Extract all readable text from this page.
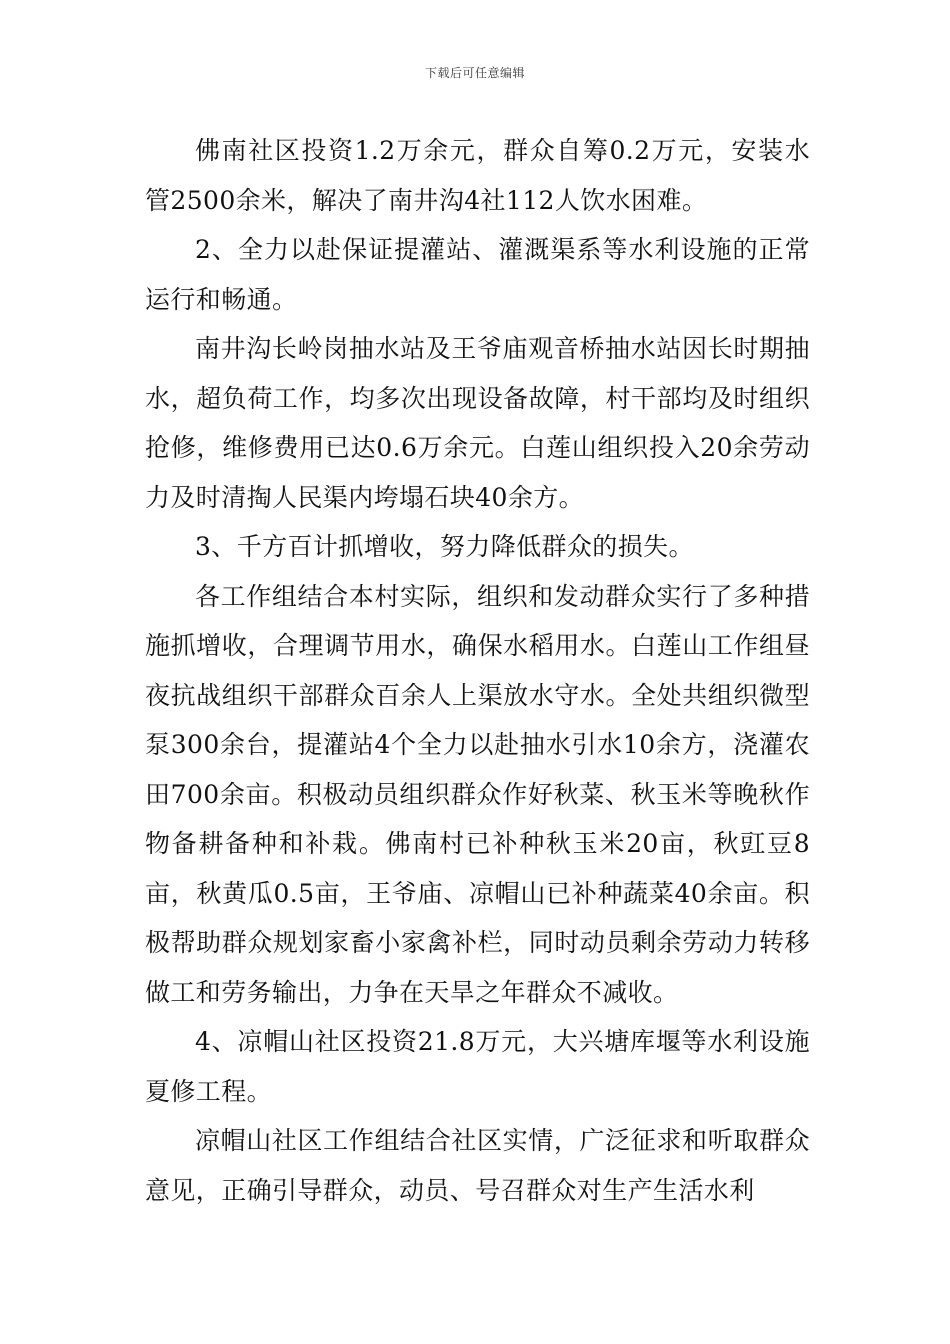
下载后可任意编辑

佛南社区投资1.2万余元，群众自筹0.2万元，安装水管2500余米，解决了南井沟4社112人饮水困难。

2、全力以赴保证提灌站、灌溉渠系等水利设施的正常运行和畅通。

南井沟长岭岗抽水站及王爷庙观音桥抽水站因长时期抽水，超负荷工作，均多次出现设备故障，村干部均及时组织抢修，维修费用已达0.6万余元。白莲山组织投入20余劳动力及时清掏人民渠内垮塌石块40余方。

3、千方百计抓增收，努力降低群众的损失。

各工作组结合本村实际，组织和发动群众实行了多种措施抓增收，合理调节用水，确保水稻用水。白莲山工作组昼夜抗战组织干部群众百余人上渠放水守水。全处共组织微型泵300余台，提灌站4个全力以赴抽水引水10余方，浇灌农田700余亩。积极动员组织群众作好秋菜、秋玉米等晚秋作物备耕备种和补栽。佛南村已补种秋玉米20亩，秋豇豆8亩，秋黄瓜0.5亩，王爷庙、凉帽山已补种蔬菜40余亩。积极帮助群众规划家畜小家禽补栏，同时动员剩余劳动力转移做工和劳务输出，力争在天旱之年群众不减收。

4、凉帽山社区投资21.8万元，大兴塘库堰等水利设施夏修工程。

凉帽山社区工作组结合社区实情，广泛征求和听取群众意见，正确引导群众，动员、号召群众对生产生活水利
